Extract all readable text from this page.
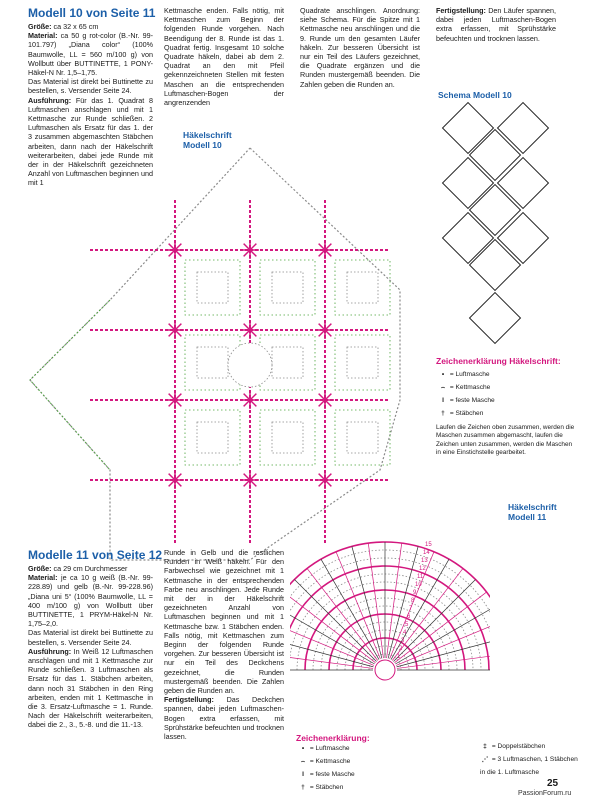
Modell 10 von Seite 11

Größe: ca 32 x 65 cm

Material: ca 50 g rot-color (B.-Nr. 99-101.797) „Diana color“ (100% Baumwolle, LL = 560 m/100 g) von Wollbutt über BUTTINETTE, 1 PONY-Häkel-N Nr. 1,5–1,75.

Das Material ist direkt bei Buttinette zu bestellen, s. Versender Seite 24.

Ausführung: Für das 1. Quadrat 8 Luftmaschen anschlagen und mit 1 Kettmasche zur Runde schließen. 2 Luftmaschen als Ersatz für das 1. der 3 zusammen abgemaschten Stäbchen arbeiten, dann nach der Häkelschrift weiterarbeiten, dabei jede Runde mit der in der Häkelschrift gezeichneten Anzahl von Luftmaschen beginnen und mit 1

Kettmasche enden. Falls nötig, mit Kettmaschen zum Beginn der folgenden Runde vorgehen. Nach Beendigung der 8. Runde ist das 1. Quadrat fertig. Insgesamt 10 solche Quadrate häkeln, dabei ab dem 2. Quadrat an den mit Pfeil gekennzeichneten Stellen mit festen Maschen an die entsprechenden Luftmaschen-Bogen der angrenzenden
Quadrate anschlingen. Anordnung: siehe Schema. Für die Spitze mit 1 Kettmasche neu anschlingen und die 9. Runde um den gesamten Läufer häkeln. Zur besseren Übersicht ist nur ein Teil des Läufers gezeichnet, die Quadrate ergänzen und die Runden mustergemäß beenden. Die Zahlen geben die Runden an.

Fertigstellung: Den Läufer spannen, dabei jeden Luftmaschen-Bogen extra erfassen, mit Sprühstärke befeuchten und trocknen lassen.

Häkelschrift Modell 10
Schema Modell 10
Zeichenerklärung Häkelschrift:
• = Luftmasche
⌢ = Kettmasche
I = feste Masche
† = Stäbchen
Laufen die Zeichen oben zusammen, werden die Maschen zusammen abgemascht, laufen die Zeichen unten zusammen, werden die Maschen in eine Einstichstelle gearbeitet.
Modelle 11 von Seite 12

Größe: ca 29 cm Durchmesser

Material: je ca 10 g weiß (B.-Nr. 99-228.89) und gelb (B.-Nr. 99-228.96) „Diana uni 5“ (100% Baumwolle, LL = 400 m/100 g) von Wollbutt über BUTTINETTE, 1 PRYM-Häkel-N Nr. 1,75–2,0.

Das Material ist direkt bei Buttinette zu bestellen, s. Versender Seite 24.

Ausführung: In Weiß 12 Luftmaschen anschlagen und mit 1 Kettmasche zur Runde schließen. 3 Luftmaschen als Ersatz für das 1. Stäbchen arbeiten, dann noch 31 Stäbchen in den Ring arbeiten, enden mit 1 Kettmasche in die 3. Ersatz-Luftmasche = 1. Runde. Nach der Häkelschrift weiterarbeiten, dabei die 2., 3., 5.-8. und die 11.-13.

Runde in Gelb und die restlichen Runden in Weiß häkeln. Für den Farbwechsel wie gezeichnet mit 1 Kettmasche in der entsprechenden Farbe neu anschlingen. Jede Runde mit der in der Häkelschrift gezeichneten Anzahl von Luftmaschen beginnen und mit 1 Kettmasche bzw. 1 Stäbchen enden. Falls nötig, mit Kettmaschen zum Beginn der folgenden Runde vorgehen. Zur besseren Übersicht ist nur ein Teil des Deckchens gezeichnet, die Runden mustergemäß beenden. Die Zahlen geben die Runden an.

Fertigstellung: Das Deckchen spannen, dabei jeden Luftmaschen-Bogen extra erfassen, mit Sprühstärke befeuchten und trocknen lassen.

Häkelschrift Modell 11
15
14
13
12
11
10
9
8
7
6
5
4
3
2
1
Zeichenerklärung:
• = Luftmasche
⌢ = Kettmasche
I = feste Masche
† = Stäbchen
‡ = Doppelstäbchen
⋰ = 3 Luftmaschen, 1 Stäbchen in die 1. Luftmasche
25
PassionForum.ru
